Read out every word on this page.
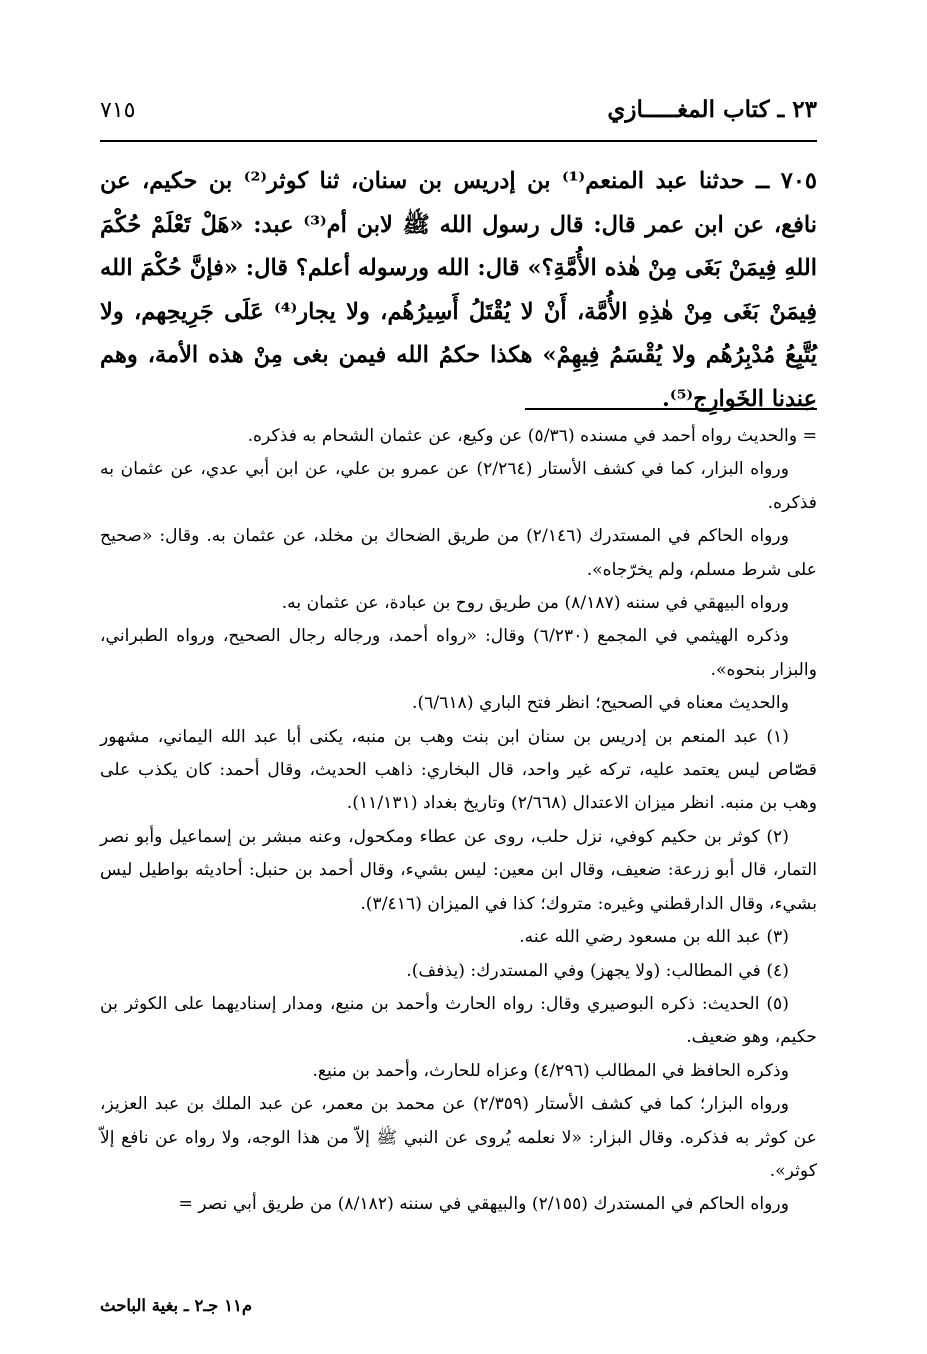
٧١٥	٢٣ ـ كتاب المغـــــازي
٧٠٥ ــ حدثنا عبد المنعم⁽¹⁾ بن إدريس بن سنان، ثنا كوثر⁽²⁾ بن حكيم، عن نافع، عن ابن عمر قال: قال رسول الله ﷺ لابن أم⁽³⁾ عبد: «هَلْ تَعْلَمْ حُكْمَ اللهِ فِيمَنْ بَغَى مِنْ هٰذه الأُمَّةِ؟» قال: الله ورسوله أعلم؟ قال: «فإنَّ حُكْمَ الله فِيمَنْ بَغَى مِنْ هٰذِهِ الأُمَّة، أَنْ لا يُقْتَلُ أَسِيرُهُم، ولا يجار⁽⁴⁾ عَلَى جَرِيحِهم، ولا يُتَّبِعُ مُدْبِرُهُم ولا يُقْسَمُ فِيهِمْ» هكذا حكمُ الله فيمن بغى مِنْ هذه الأمة، وهم عِندنا الخَوارِج⁽⁵⁾.

= والحديث رواه أحمد في مسنده (٥/٣٦) عن وكيع، عن عثمان الشحام به فذكره.

ورواه البزار، كما في كشف الأستار (٢/٢٦٤) عن عمرو بن علي، عن ابن أبي عدي، عن عثمان به فذكره.

ورواه الحاكم في المستدرك (٢/١٤٦) من طريق الضحاك بن مخلد، عن عثمان به. وقال: «صحيح على شرط مسلم، ولم يخرّجاه».

ورواه البيهقي في سننه (٨/١٨٧) من طريق روح بن عبادة، عن عثمان به.

وذكره الهيثمي في المجمع (٦/٢٣٠) وقال: «رواه أحمد، ورجاله رجال الصحيح، ورواه الطبراني، والبزار بنحوه».

والحديث معناه في الصحيح؛ انظر فتح الباري (٦/٦١٨).

(١) عبد المنعم بن إدريس بن سنان ابن بنت وهب بن منبه، يكنى أبا عبد الله اليماني، مشهور قصّاص ليس يعتمد عليه، تركه غير واحد، قال البخاري: ذاهب الحديث، وقال أحمد: كان يكذب على وهب بن منبه. انظر ميزان الاعتدال (٢/٦٦٨) وتاريخ بغداد (١١/١٣١).

(٢) كوثر بن حكيم كوفي، نزل حلب، روى عن عطاء ومكحول، وعنه مبشر بن إسماعيل وأبو نصر التمار، قال أبو زرعة: ضعيف، وقال ابن معين: ليس بشيء، وقال أحمد بن حنبل: أحاديثه بواطيل ليس بشيء، وقال الدارقطني وغيره: متروك؛ كذا في الميزان (٣/٤١٦).

(٣) عبد الله بن مسعود رضي الله عنه.

(٤) في المطالب: (ولا يجهز) وفي المستدرك: (يذفف).

(٥) الحديث: ذكره البوصيري وقال: رواه الحارث وأحمد بن منيع، ومدار إسناديهما على الكوثر بن حكيم، وهو ضعيف.

وذكره الحافظ في المطالب (٤/٢٩٦) وعزاه للحارث، وأحمد بن منيع.

ورواه البزار؛ كما في كشف الأستار (٢/٣٥٩) عن محمد بن معمر، عن عبد الملك بن عبد العزيز، عن كوثر به فذكره. وقال البزار: «لا نعلمه يُروى عن النبي ﷺ إلاّ من هذا الوجه، ولا رواه عن نافع إلاّ كوثر».

ورواه الحاكم في المستدرك (٢/١٥٥) والبيهقي في سننه (٨/١٨٢) من طريق أبي نصر =

م١١ جـ٢ ـ بغية الباحث
